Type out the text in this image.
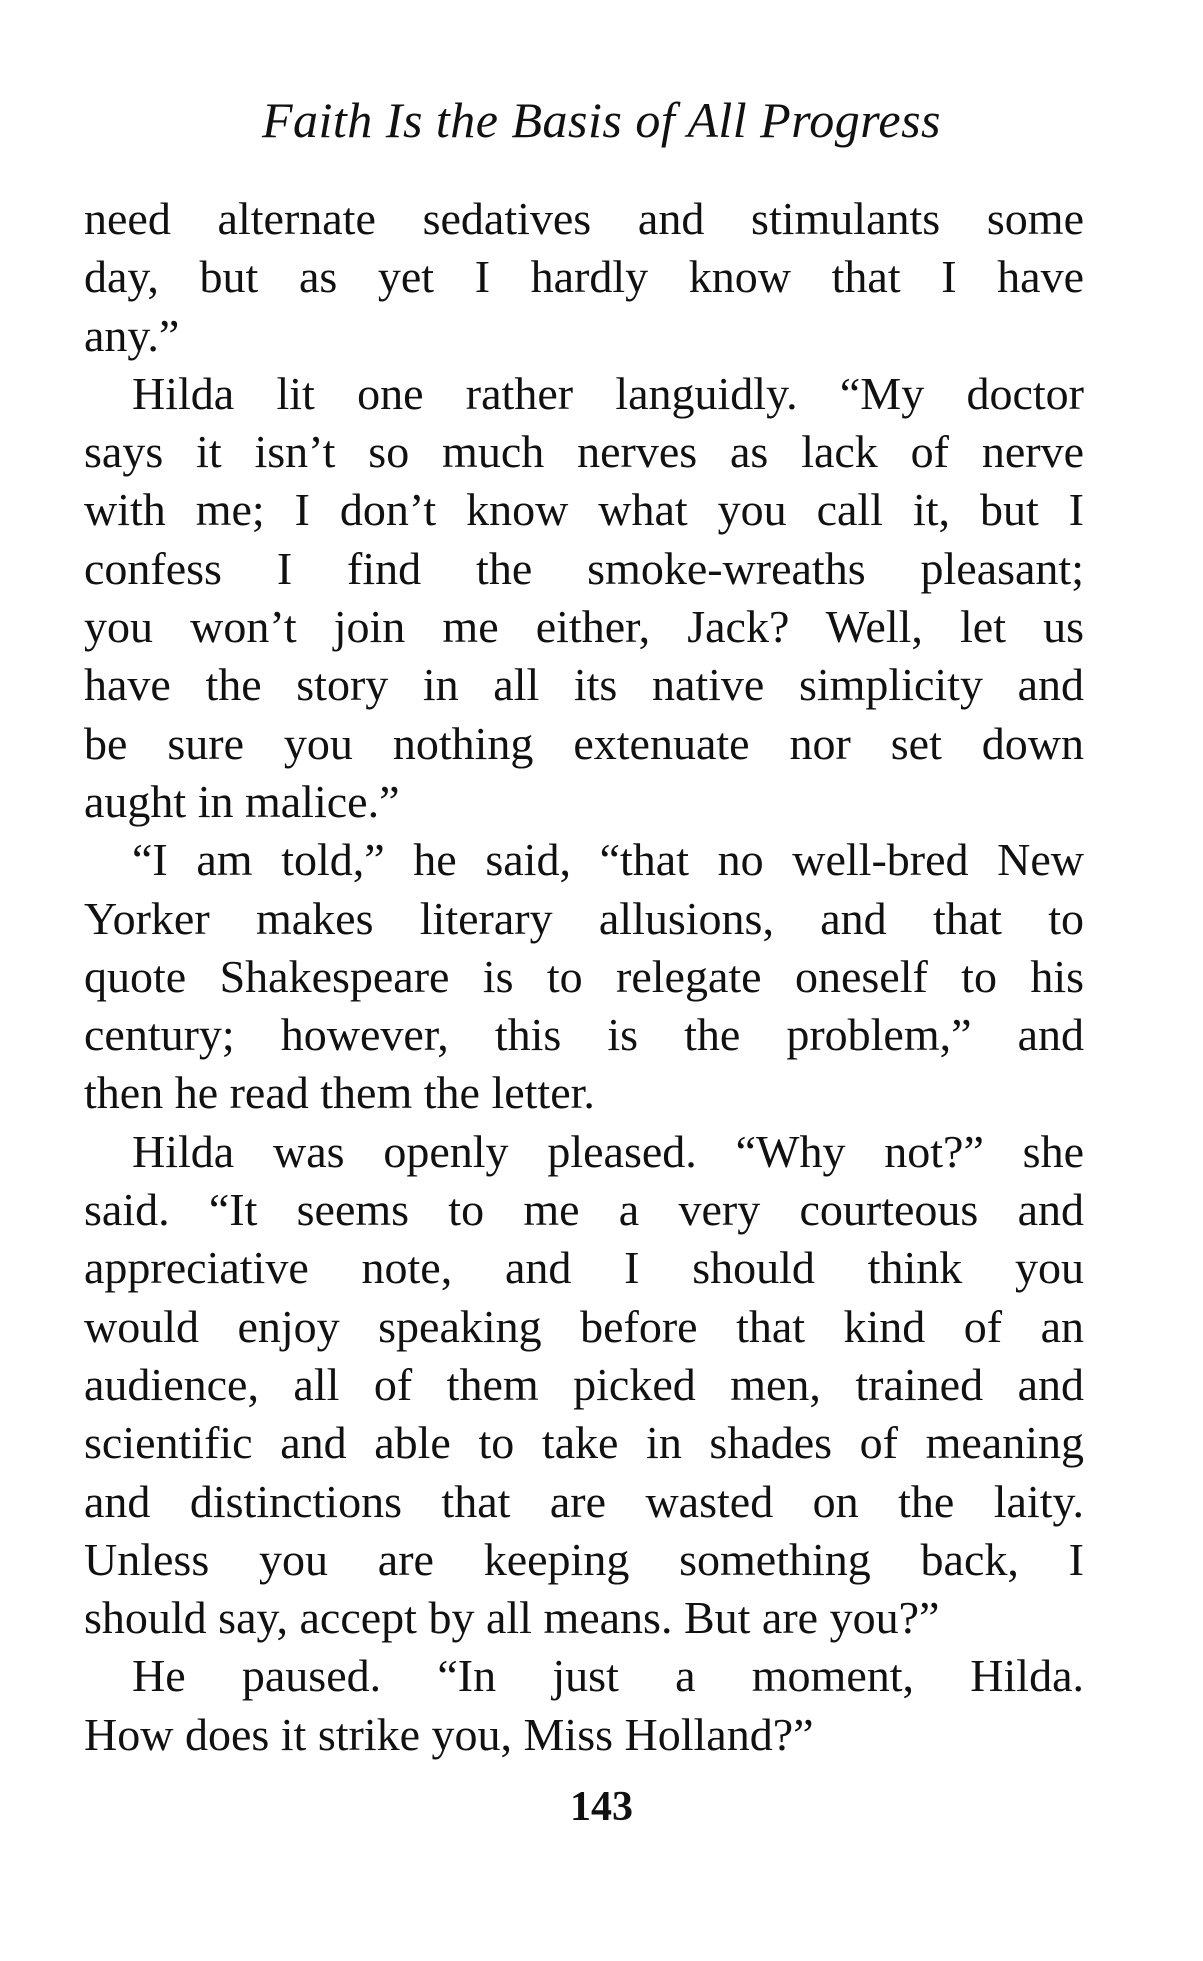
Faith Is the Basis of All Progress
need alternate sedatives and stimulants some
day, but as yet I hardly know that I have
any.”
Hilda lit one rather languidly. “My doctor
says it isn’t so much nerves as lack of nerve
with me; I don’t know what you call it, but I
confess I find the smoke-wreaths pleasant;
you won’t join me either, Jack? Well, let us
have the story in all its native simplicity and
be sure you nothing extenuate nor set down
aught in malice.”
“I am told,” he said, “that no well-bred New
Yorker makes literary allusions, and that to
quote Shakespeare is to relegate oneself to his
century; however, this is the problem,” and
then he read them the letter.
Hilda was openly pleased. “Why not?” she
said. “It seems to me a very courteous and
appreciative note, and I should think you
would enjoy speaking before that kind of an
audience, all of them picked men, trained and
scientific and able to take in shades of meaning
and distinctions that are wasted on the laity.
Unless you are keeping something back, I
should say, accept by all means. But are you?”
He paused. “In just a moment, Hilda.
How does it strike you, Miss Holland?”
143
